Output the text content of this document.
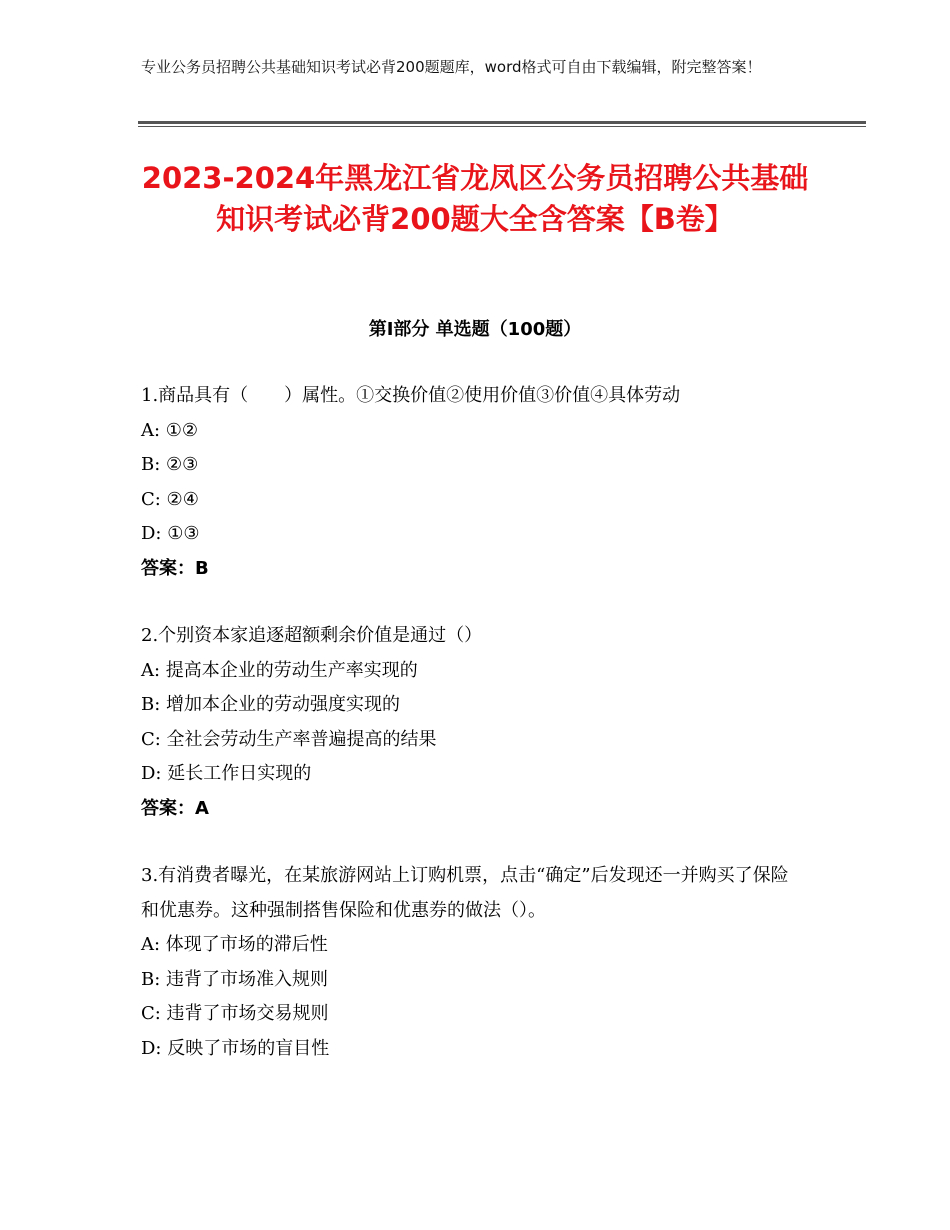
专业公务员招聘公共基础知识考试必背200题题库，word格式可自由下载编辑，附完整答案！
2023-2024年黑龙江省龙凤区公务员招聘公共基础知识考试必背200题大全含答案【B卷】
第Ⅰ部分 单选题（100题）
1.商品具有（　　）属性。①交换价值②使用价值③价值④具体劳动
A: ①②
B: ②③
C: ②④
D: ①③
答案：B
2.个别资本家追逐超额剩余价值是通过（）
A: 提高本企业的劳动生产率实现的
B: 增加本企业的劳动强度实现的
C: 全社会劳动生产率普遍提高的结果
D: 延长工作日实现的
答案：A
3.有消费者曝光，在某旅游网站上订购机票，点击“确定”后发现还一并购买了保险和优惠券。这种强制搭售保险和优惠券的做法（）。
A: 体现了市场的滞后性
B: 违背了市场准入规则
C: 违背了市场交易规则
D: 反映了市场的盲目性
